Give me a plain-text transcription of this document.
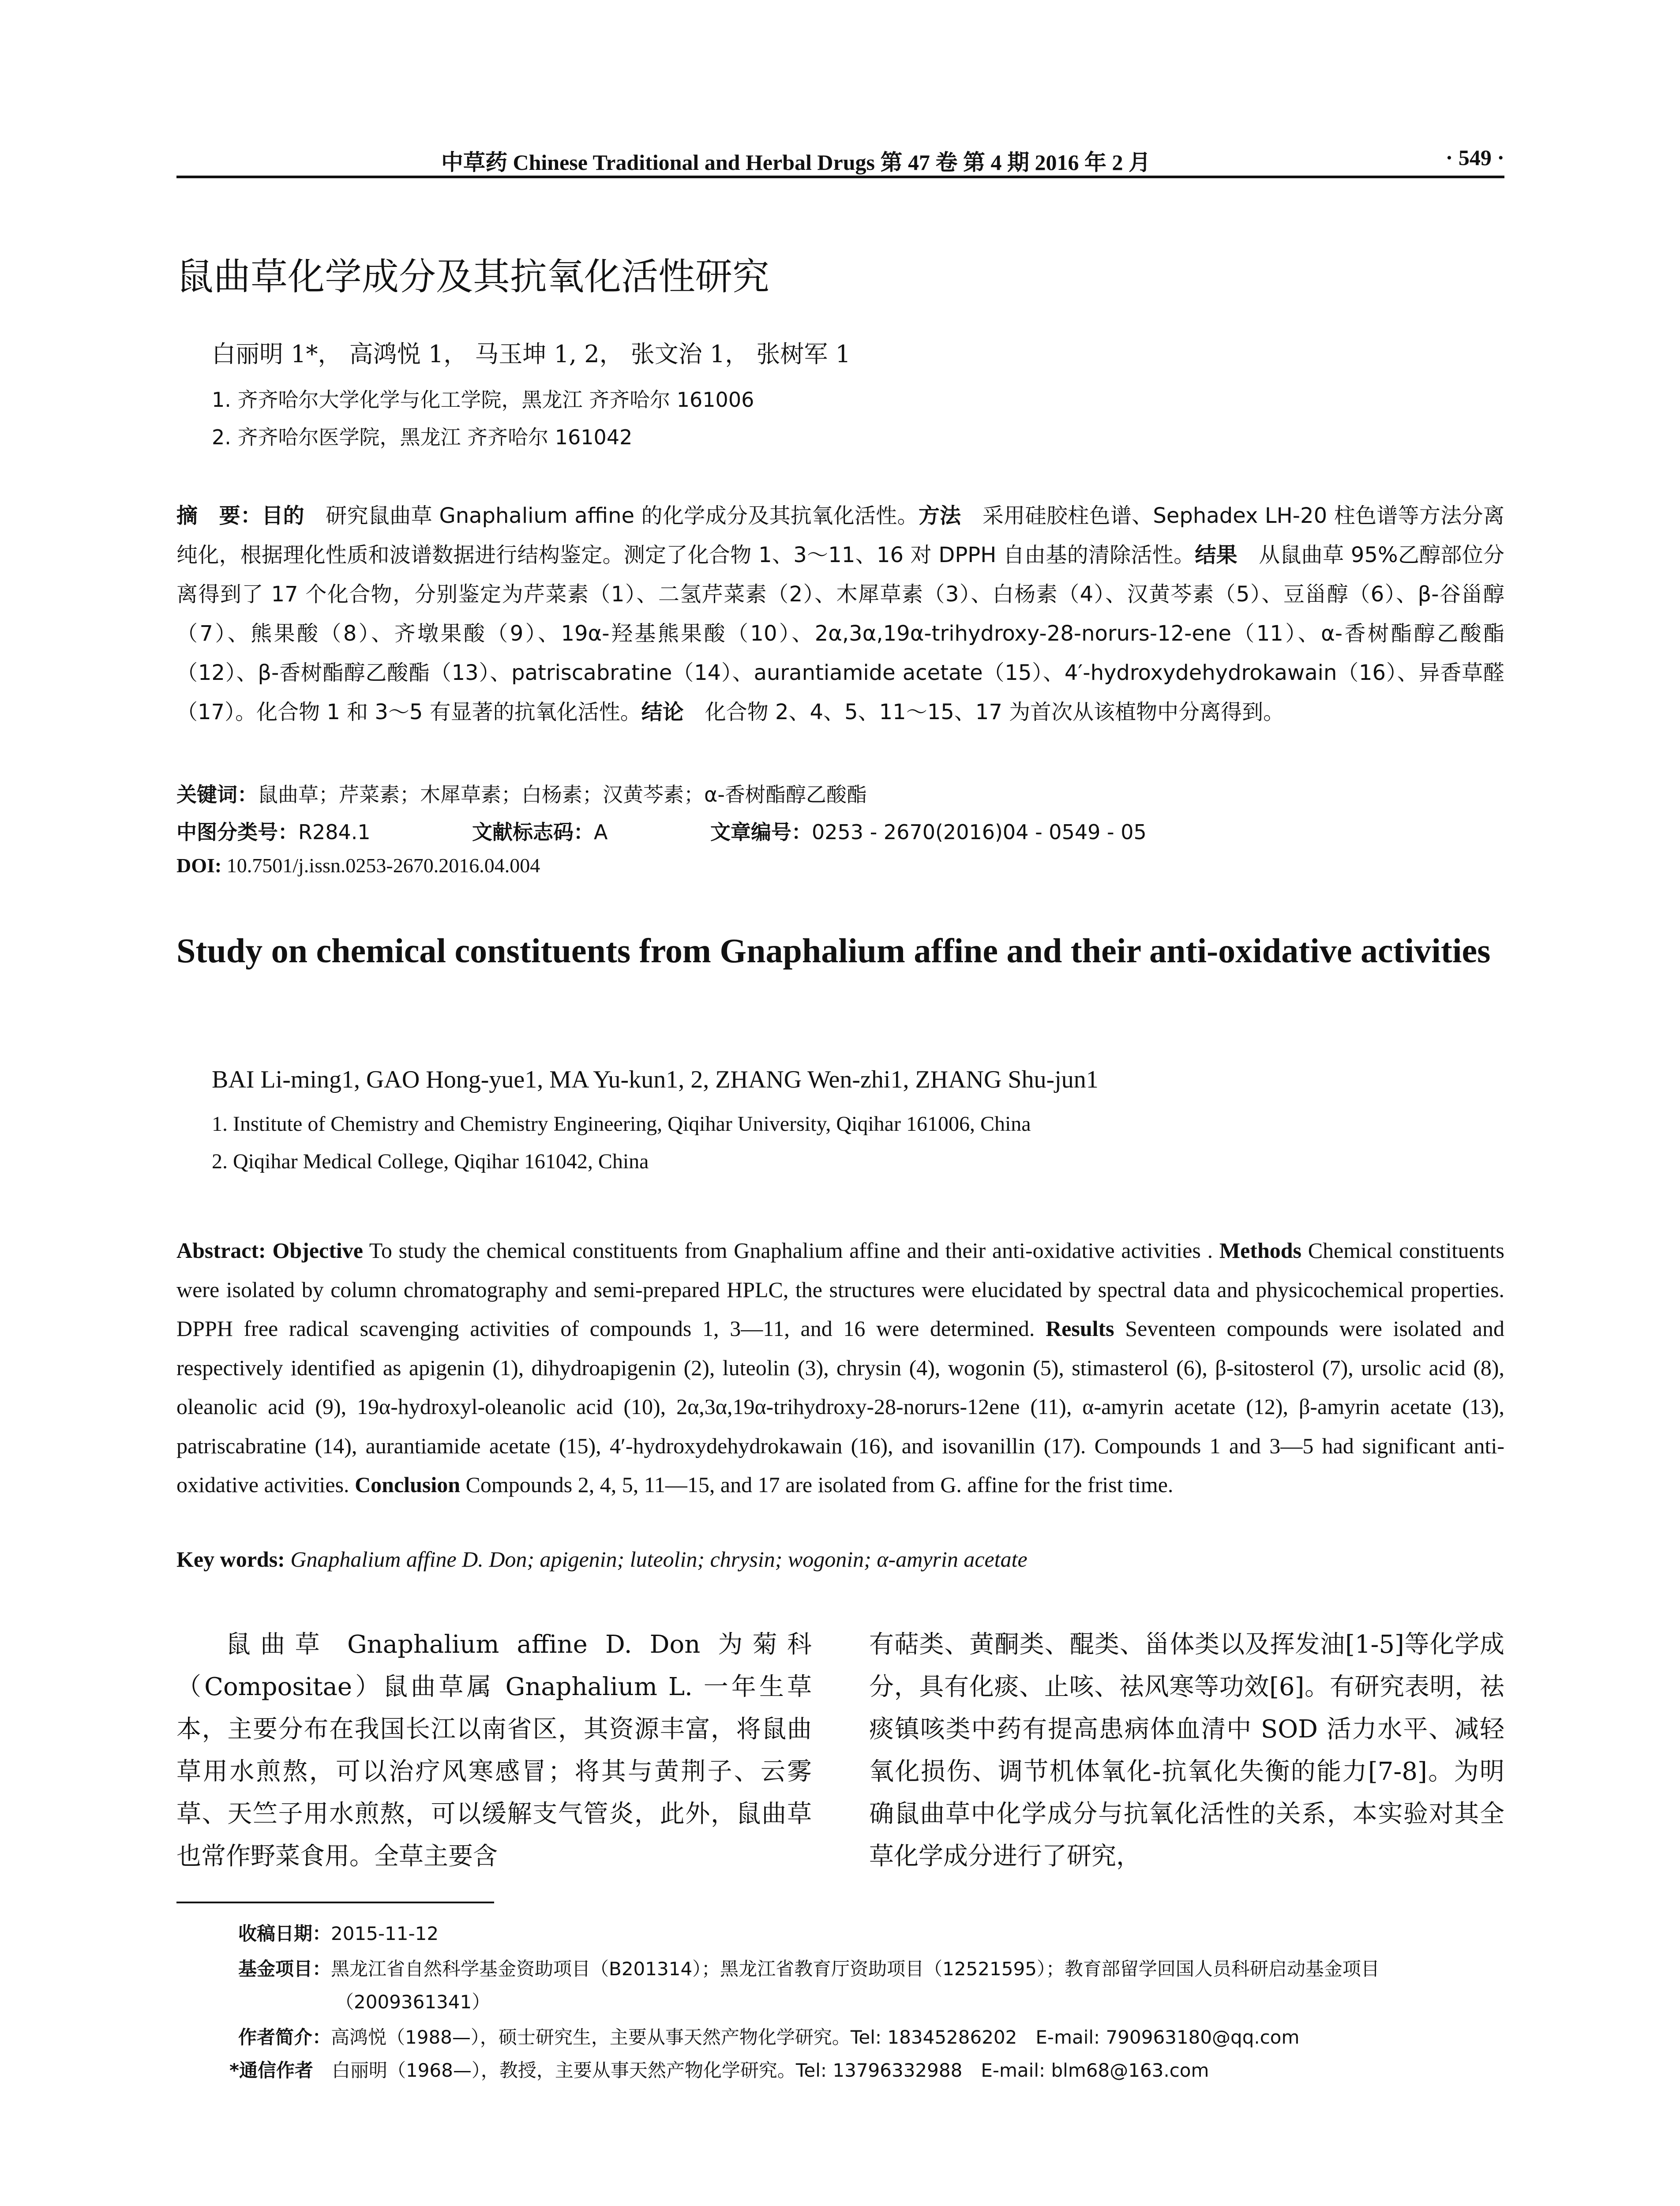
中草药 Chinese Traditional and Herbal Drugs 第 47 卷 第 4 期 2016 年 2 月	· 549 ·
鼠曲草化学成分及其抗氧化活性研究
白丽明 1*， 高鸿悦 1， 马玉坤 1, 2， 张文治 1， 张树军 1
1. 齐齐哈尔大学化学与化工学院，黑龙江 齐齐哈尔 161006
2. 齐齐哈尔医学院，黑龙江 齐齐哈尔 161042
摘　要：目的　研究鼠曲草 Gnaphalium affine 的化学成分及其抗氧化活性。方法　采用硅胶柱色谱、Sephadex LH-20 柱色谱等方法分离纯化，根据理化性质和波谱数据进行结构鉴定。测定了化合物 1、3～11、16 对 DPPH 自由基的清除活性。结果　从鼠曲草 95%乙醇部位分离得到了 17 个化合物，分别鉴定为芹菜素（1）、二氢芹菜素（2）、木犀草素（3）、白杨素（4）、汉黄芩素（5）、豆甾醇（6）、β-谷甾醇（7）、熊果酸（8）、齐墩果酸（9）、19α-羟基熊果酸（10）、2α,3α,19α-trihydroxy-28-norurs-12-ene（11）、α-香树酯醇乙酸酯（12）、β-香树酯醇乙酸酯（13）、patriscabratine（14）、aurantiamide acetate（15）、4′-hydroxydehydrokawain（16）、异香草醛（17）。化合物 1 和 3～5 有显著的抗氧化活性。结论　化合物 2、4、5、11～15、17 为首次从该植物中分离得到。
关键词：鼠曲草；芹菜素；木犀草素；白杨素；汉黄芩素；α-香树酯醇乙酸酯
中图分类号：R284.1	文献标志码：A	文章编号：0253 - 2670(2016)04 - 0549 - 05
DOI: 10.7501/j.issn.0253-2670.2016.04.004
Study on chemical constituents from Gnaphalium affine and their anti-oxidative activities
BAI Li-ming1, GAO Hong-yue1, MA Yu-kun1, 2, ZHANG Wen-zhi1, ZHANG Shu-jun1
1. Institute of Chemistry and Chemistry Engineering, Qiqihar University, Qiqihar 161006, China
2. Qiqihar Medical College, Qiqihar 161042, China
Abstract: Objective To study the chemical constituents from Gnaphalium affine and their anti-oxidative activities . Methods Chemical constituents were isolated by column chromatography and semi-prepared HPLC, the structures were elucidated by spectral data and physicochemical properties. DPPH free radical scavenging activities of compounds 1, 3—11, and 16 were determined. Results Seventeen compounds were isolated and respectively identified as apigenin (1), dihydroapigenin (2), luteolin (3), chrysin (4), wogonin (5), stimasterol (6), β-sitosterol (7), ursolic acid (8), oleanolic acid (9), 19α-hydroxyl-oleanolic acid (10), 2α,3α,19α-trihydroxy-28-norurs-12ene (11), α-amyrin acetate (12), β-amyrin acetate (13), patriscabratine (14), aurantiamide acetate (15), 4′-hydroxydehydrokawain (16), and isovanillin (17). Compounds 1 and 3—5 had significant anti-oxidative activities. Conclusion Compounds 2, 4, 5, 11—15, and 17 are isolated from G. affine for the frist time.
Key words: Gnaphalium affine D. Don; apigenin; luteolin; chrysin; wogonin; α-amyrin acetate
鼠曲草 Gnaphalium affine D. Don 为菊科（Compositae）鼠曲草属 Gnaphalium L. 一年生草本，主要分布在我国长江以南省区，其资源丰富，将鼠曲草用水煎熬，可以治疗风寒感冒；将其与黄荆子、云雾草、天竺子用水煎熬，可以缓解支气管炎，此外，鼠曲草也常作野菜食用。全草主要含
有萜类、黄酮类、醌类、甾体类以及挥发油[1-5]等化学成分，具有化痰、止咳、祛风寒等功效[6]。有研究表明，祛痰镇咳类中药有提高患病体血清中 SOD 活力水平、减轻氧化损伤、调节机体氧化-抗氧化失衡的能力[7-8]。为明确鼠曲草中化学成分与抗氧化活性的关系，本实验对其全草化学成分进行了研究，
收稿日期：2015-11-12
基金项目：黑龙江省自然科学基金资助项目（B201314）；黑龙江省教育厅资助项目（12521595）；教育部留学回国人员科研启动基金项目
（2009361341）
作者简介：高鸿悦（1988—），硕士研究生，主要从事天然产物化学研究。Tel: 18345286202　E-mail: 790963180@qq.com
*通信作者　白丽明（1968—），教授，主要从事天然产物化学研究。Tel: 13796332988　E-mail: blm68@163.com
